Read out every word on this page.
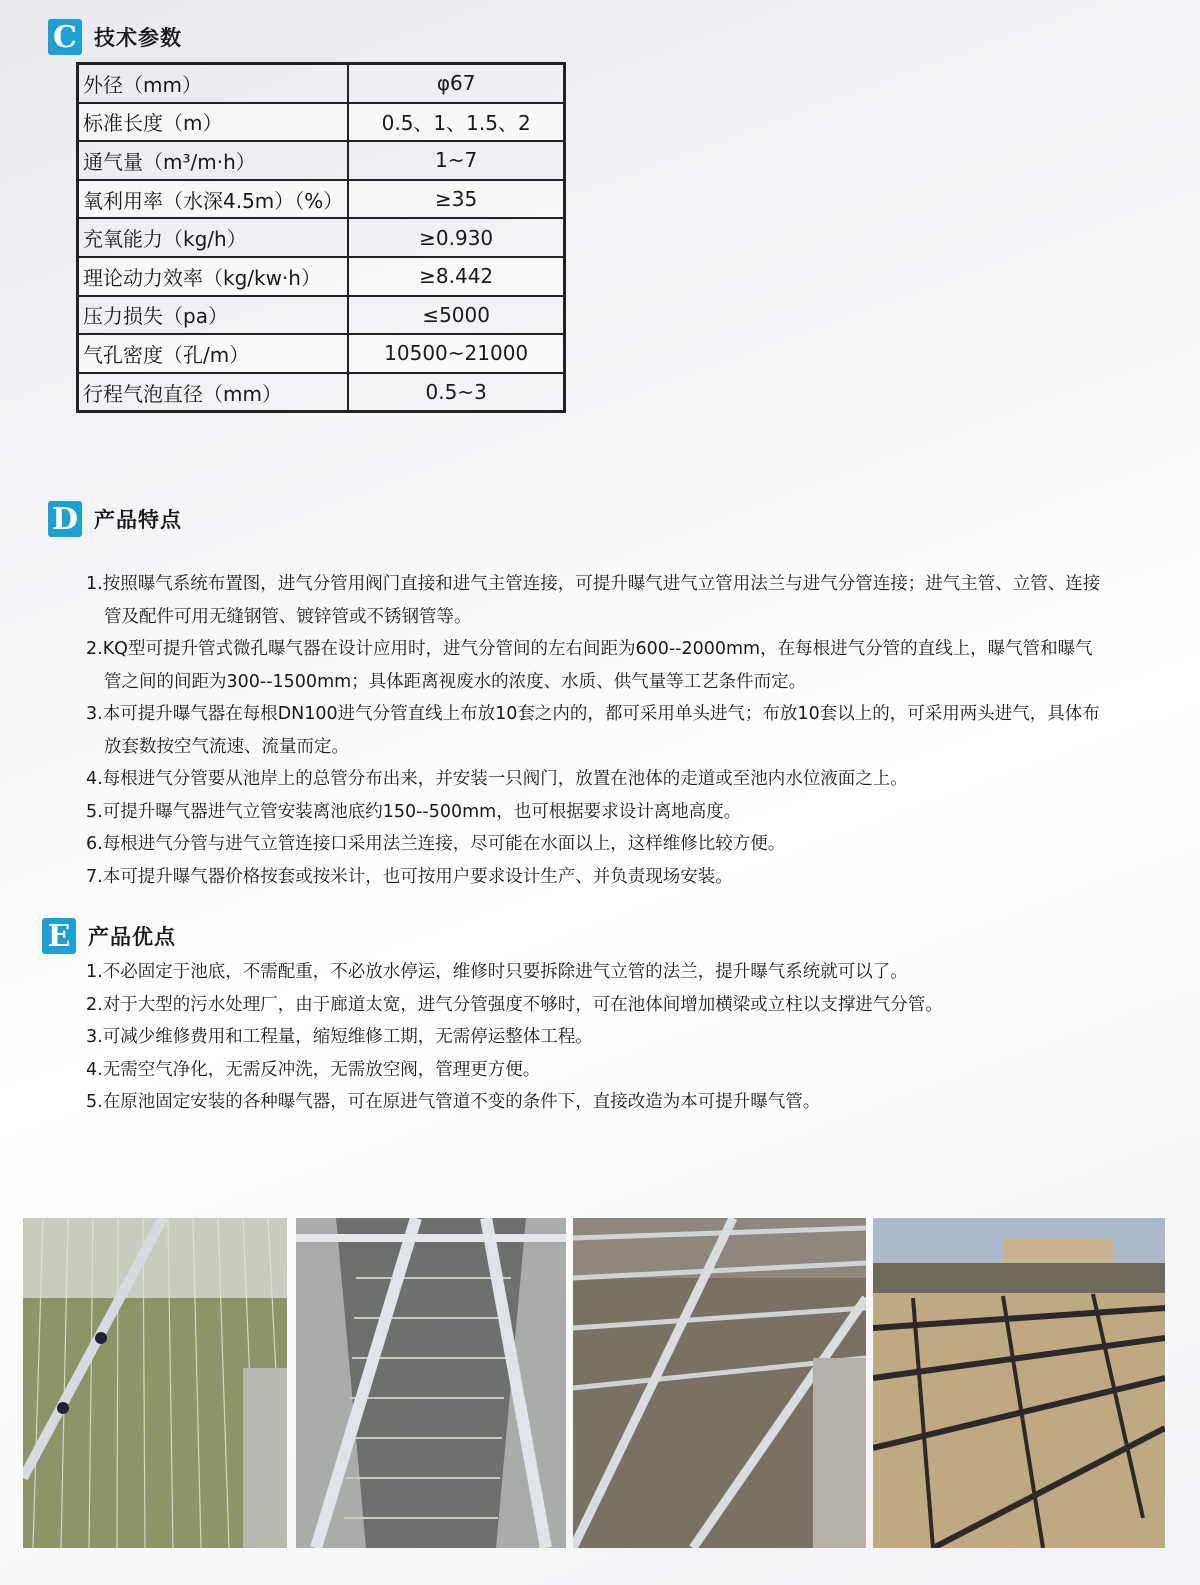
C 技术参数
外径（mm）	φ67
标准长度（m）	0.5、1、1.5、2
通气量（m³/m·h）	1~7
氧利用率（水深4.5m）（%）	≥35
充氧能力（kg/h）	≥0.930
理论动力效率（kg/kw·h）	≥8.442
压力损失（pa）	≤5000
气孔密度（孔/m）	10500~21000
行程气泡直径（mm）	0.5~3
D 产品特点
1.按照曝气系统布置图，进气分管用阀门直接和进气主管连接，可提升曝气进气立管用法兰与进气分管连接；进气主管、立管、连接管及配件可用无缝钢管、镀锌管或不锈钢管等。
2.KQ型可提升管式微孔曝气器在设计应用时，进气分管间的左右间距为600--2000mm，在每根进气分管的直线上，曝气管和曝气管之间的间距为300--1500mm；具体距离视废水的浓度、水质、供气量等工艺条件而定。
3.本可提升曝气器在每根DN100进气分管直线上布放10套之内的，都可采用单头进气；布放10套以上的，可采用两头进气，具体布放套数按空气流速、流量而定。
4.每根进气分管要从池岸上的总管分布出来，并安装一只阀门，放置在池体的走道或至池内水位液面之上。
5.可提升曝气器进气立管安装离池底约150--500mm，也可根据要求设计离地高度。
6.每根进气分管与进气立管连接口采用法兰连接，尽可能在水面以上，这样维修比较方便。
7.本可提升曝气器价格按套或按米计，也可按用户要求设计生产、并负责现场安装。
E 产品优点
1.不必固定于池底，不需配重，不必放水停运，维修时只要拆除进气立管的法兰，提升曝气系统就可以了。
2.对于大型的污水处理厂，由于廊道太宽，进气分管强度不够时，可在池体间增加横梁或立柱以支撑进气分管。
3.可减少维修费用和工程量，缩短维修工期，无需停运整体工程。
4.无需空气净化，无需反冲洗，无需放空阀，管理更方便。
5.在原池固定安装的各种曝气器，可在原进气管道不变的条件下，直接改造为本可提升曝气管。
